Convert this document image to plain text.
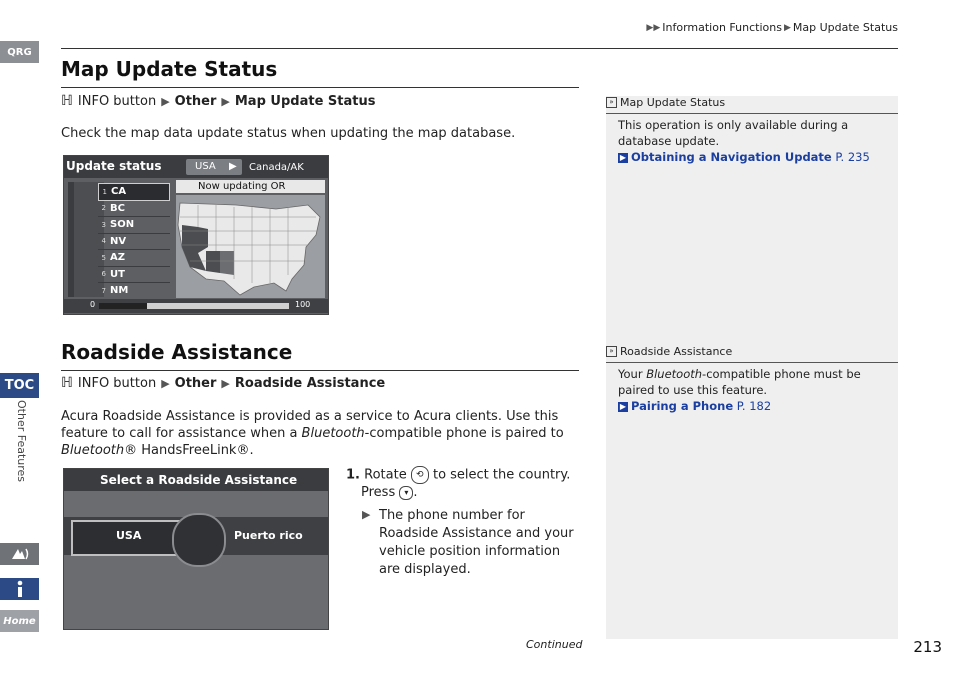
QRG
TOC
Other Features
Home
▶▶ Information Functions ▶ Map Update Status
Map Update Status
ℍ INFO button ▶ Other ▶ Map Update Status
Check the map data update status when updating the map database.
Update status	USA ▶ Canada/AK
1 CA
2 BC
3 SON
4 NV
5 AZ
6 UT
7 NM
Now updating OR
0	100
Roadside Assistance
ℍ INFO button ▶ Other ▶ Roadside Assistance
Acura Roadside Assistance is provided as a service to Acura clients. Use this feature to call for assistance when a Bluetooth-compatible phone is paired to Bluetooth® HandsFreeLink®.
Select a Roadside Assistance
USA	Puerto rico
1. Rotate ⟲ to select the country.
Press ▾ .
▶ The phone number for Roadside Assistance and your vehicle position information are displayed.
» Map Update Status
This operation is only available during a database update.
▶ Obtaining a Navigation Update P. 235
» Roadside Assistance
Your Bluetooth-compatible phone must be paired to use this feature.
▶ Pairing a Phone P. 182
Continued	213
